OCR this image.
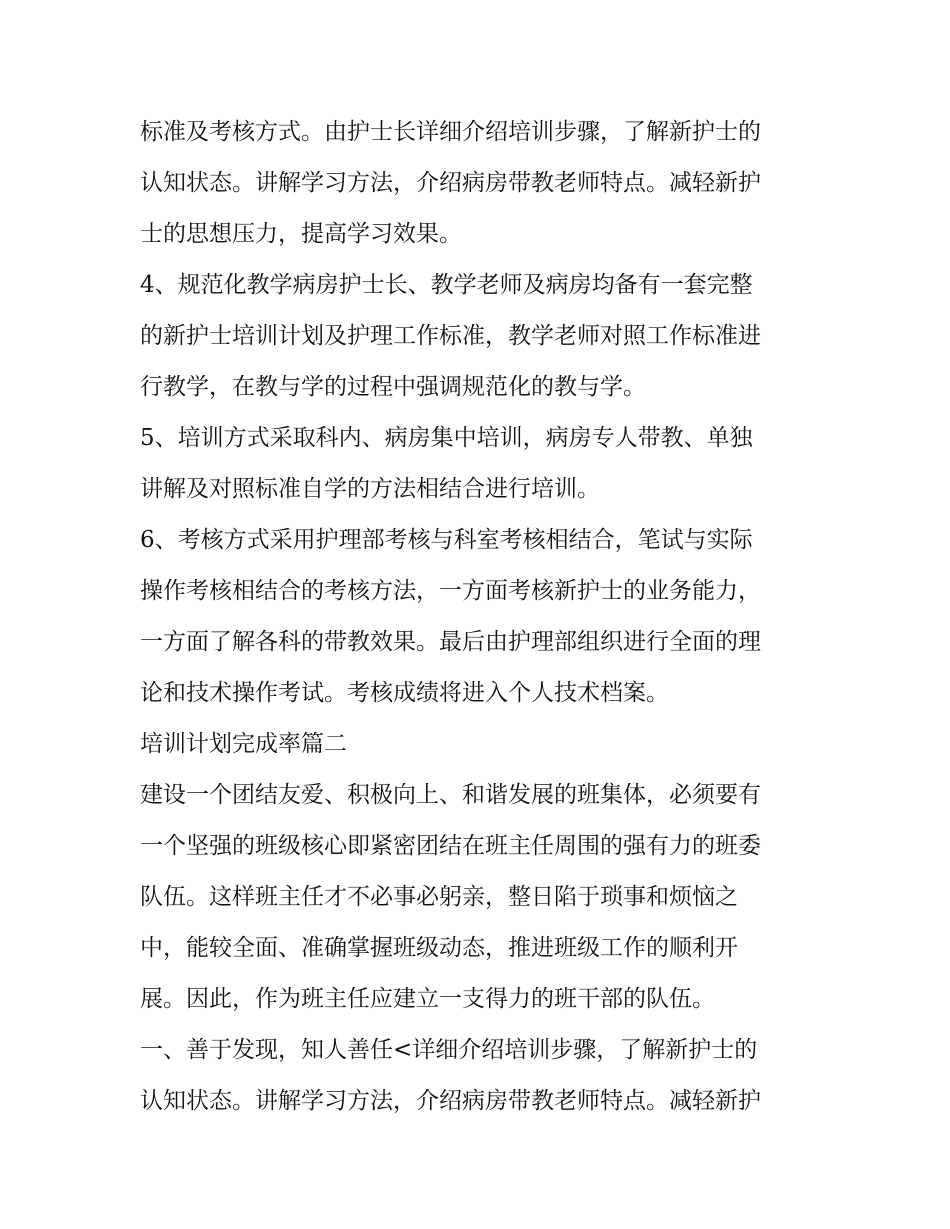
标准及考核方式。由护士长详细介绍培训步骤，了解新护士的
认知状态。讲解学习方法，介绍病房带教老师特点。减轻新护
士的思想压力，提高学习效果。
4、规范化教学病房护士长、教学老师及病房均备有一套完整
的新护士培训计划及护理工作标准，教学老师对照工作标准进
行教学，在教与学的过程中强调规范化的教与学。
5、培训方式采取科内、病房集中培训，病房专人带教、单独
讲解及对照标准自学的方法相结合进行培训。
6、考核方式采用护理部考核与科室考核相结合，笔试与实际
操作考核相结合的考核方法，一方面考核新护士的业务能力，
一方面了解各科的带教效果。最后由护理部组织进行全面的理
论和技术操作考试。考核成绩将进入个人技术档案。
培训计划完成率篇二
建设一个团结友爱、积极向上、和谐发展的班集体，必须要有
一个坚强的班级核心即紧密团结在班主任周围的强有力的班委
队伍。这样班主任才不必事必躬亲，整日陷于琐事和烦恼之
中，能较全面、准确掌握班级动态，推进班级工作的顺利开
展。因此，作为班主任应建立一支得力的班干部的队伍。
一、善于发现，知人善任<详细介绍培训步骤，了解新护士的
认知状态。讲解学习方法，介绍病房带教老师特点。减轻新护
